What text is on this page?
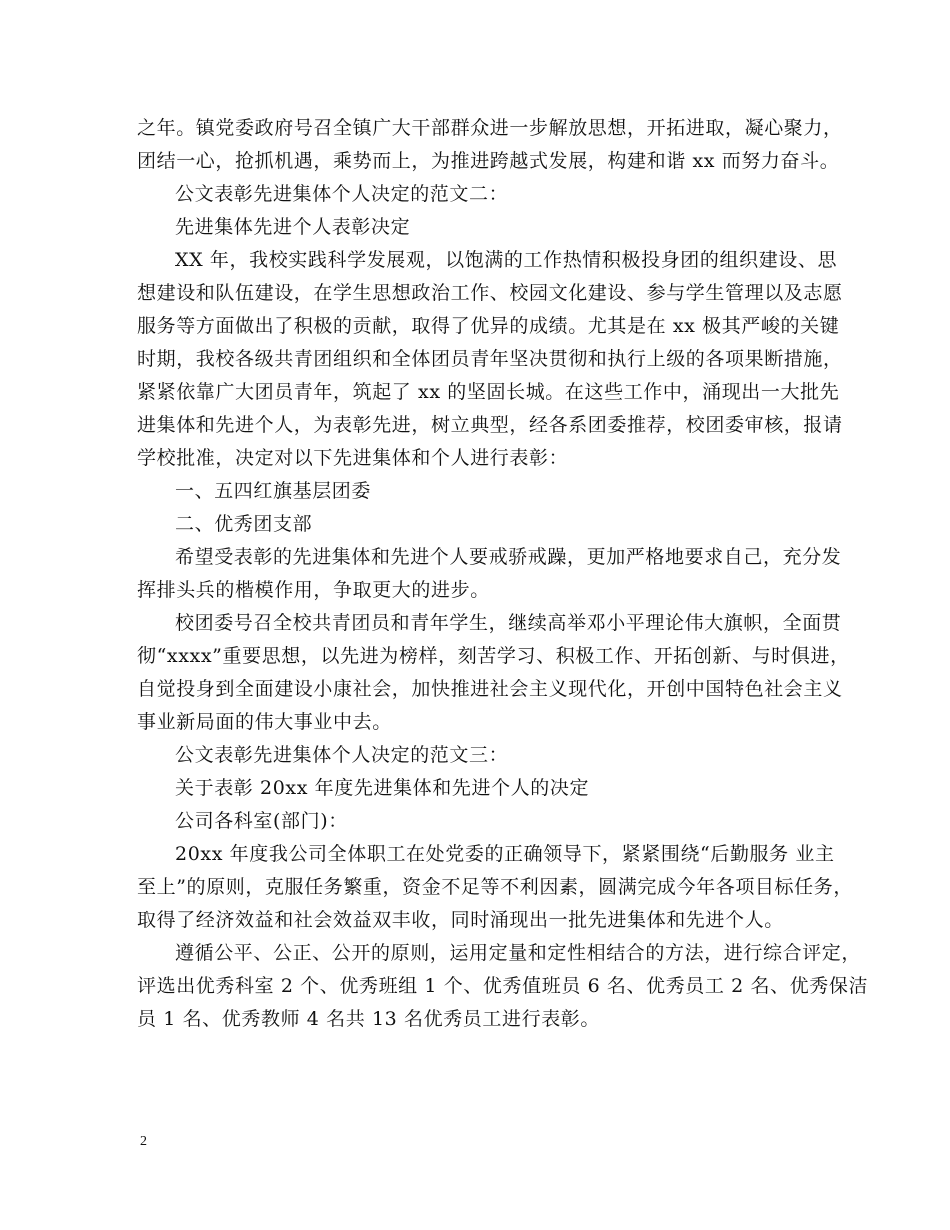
之年。镇党委政府号召全镇广大干部群众进一步解放思想，开拓进取，凝心聚力，
团结一心，抢抓机遇，乘势而上，为推进跨越式发展，构建和谐 xx 而努力奋斗。
公文表彰先进集体个人决定的范文二：
先进集体先进个人表彰决定
XX 年，我校实践科学发展观，以饱满的工作热情积极投身团的组织建设、思
想建设和队伍建设，在学生思想政治工作、校园文化建设、参与学生管理以及志愿
服务等方面做出了积极的贡献，取得了优异的成绩。尤其是在 xx 极其严峻的关键
时期，我校各级共青团组织和全体团员青年坚决贯彻和执行上级的各项果断措施，
紧紧依靠广大团员青年，筑起了 xx 的坚固长城。在这些工作中，涌现出一大批先
进集体和先进个人，为表彰先进，树立典型，经各系团委推荐，校团委审核，报请
学校批准，决定对以下先进集体和个人进行表彰：
一、五四红旗基层团委
二、优秀团支部
希望受表彰的先进集体和先进个人要戒骄戒躁，更加严格地要求自己，充分发
挥排头兵的楷模作用，争取更大的进步。
校团委号召全校共青团员和青年学生，继续高举邓小平理论伟大旗帜，全面贯
彻“xxxx”重要思想，以先进为榜样，刻苦学习、积极工作、开拓创新、与时俱进，
自觉投身到全面建设小康社会，加快推进社会主义现代化，开创中国特色社会主义
事业新局面的伟大事业中去。
公文表彰先进集体个人决定的范文三：
关于表彰 20xx 年度先进集体和先进个人的决定
公司各科室(部门)：
20xx 年度我公司全体职工在处党委的正确领导下，紧紧围绕“后勤服务 业主
至上”的原则，克服任务繁重，资金不足等不利因素，圆满完成今年各项目标任务，
取得了经济效益和社会效益双丰收，同时涌现出一批先进集体和先进个人。
遵循公平、公正、公开的原则，运用定量和定性相结合的方法，进行综合评定，
评选出优秀科室 2 个、优秀班组 1 个、优秀值班员 6 名、优秀员工 2 名、优秀保洁
员 1 名、优秀教师 4 名共 13 名优秀员工进行表彰。
2
